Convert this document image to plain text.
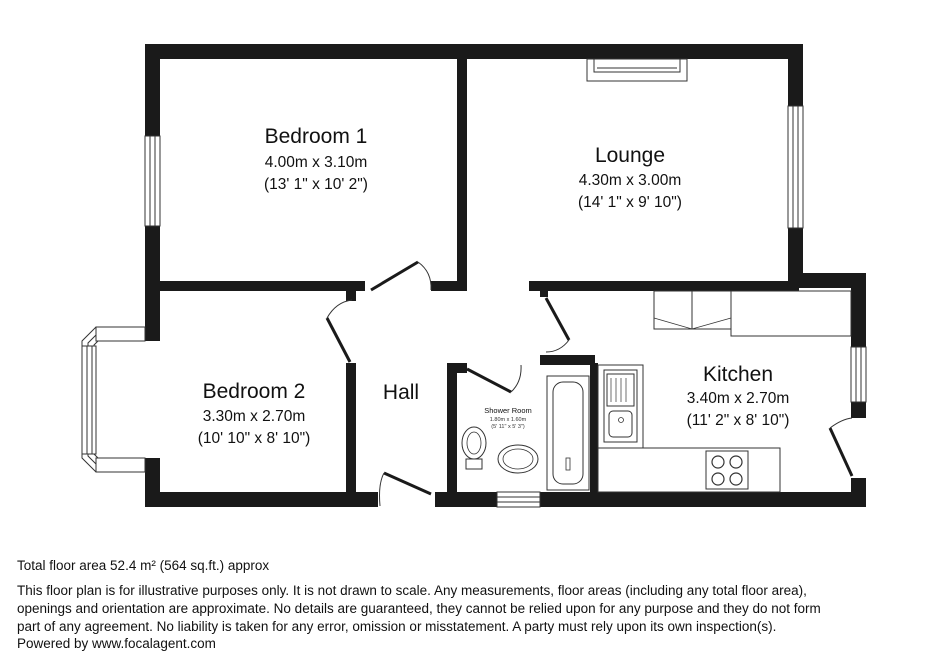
Bedroom 1
4.00m x 3.10m
(13' 1" x 10' 2")
Lounge
4.30m x 3.00m
(14' 1" x 9' 10")
Bedroom 2
3.30m x 2.70m
(10' 10" x 8' 10")
Hall
Shower Room
1.80m x 1.60m
(5' 11" x 5' 3")
Kitchen
3.40m x 2.70m
(11' 2" x 8' 10")
Total floor area 52.4 m² (564 sq.ft.) approx
This floor plan is for illustrative purposes only. It is not drawn to scale. Any measurements, floor areas (including any total floor area),
openings and orientation are approximate. No details are guaranteed, they cannot be relied upon for any purpose and they do not form
part of any agreement. No liability is taken for any error, omission or misstatement. A party must rely upon its own inspection(s).
Powered by www.focalagent.com
